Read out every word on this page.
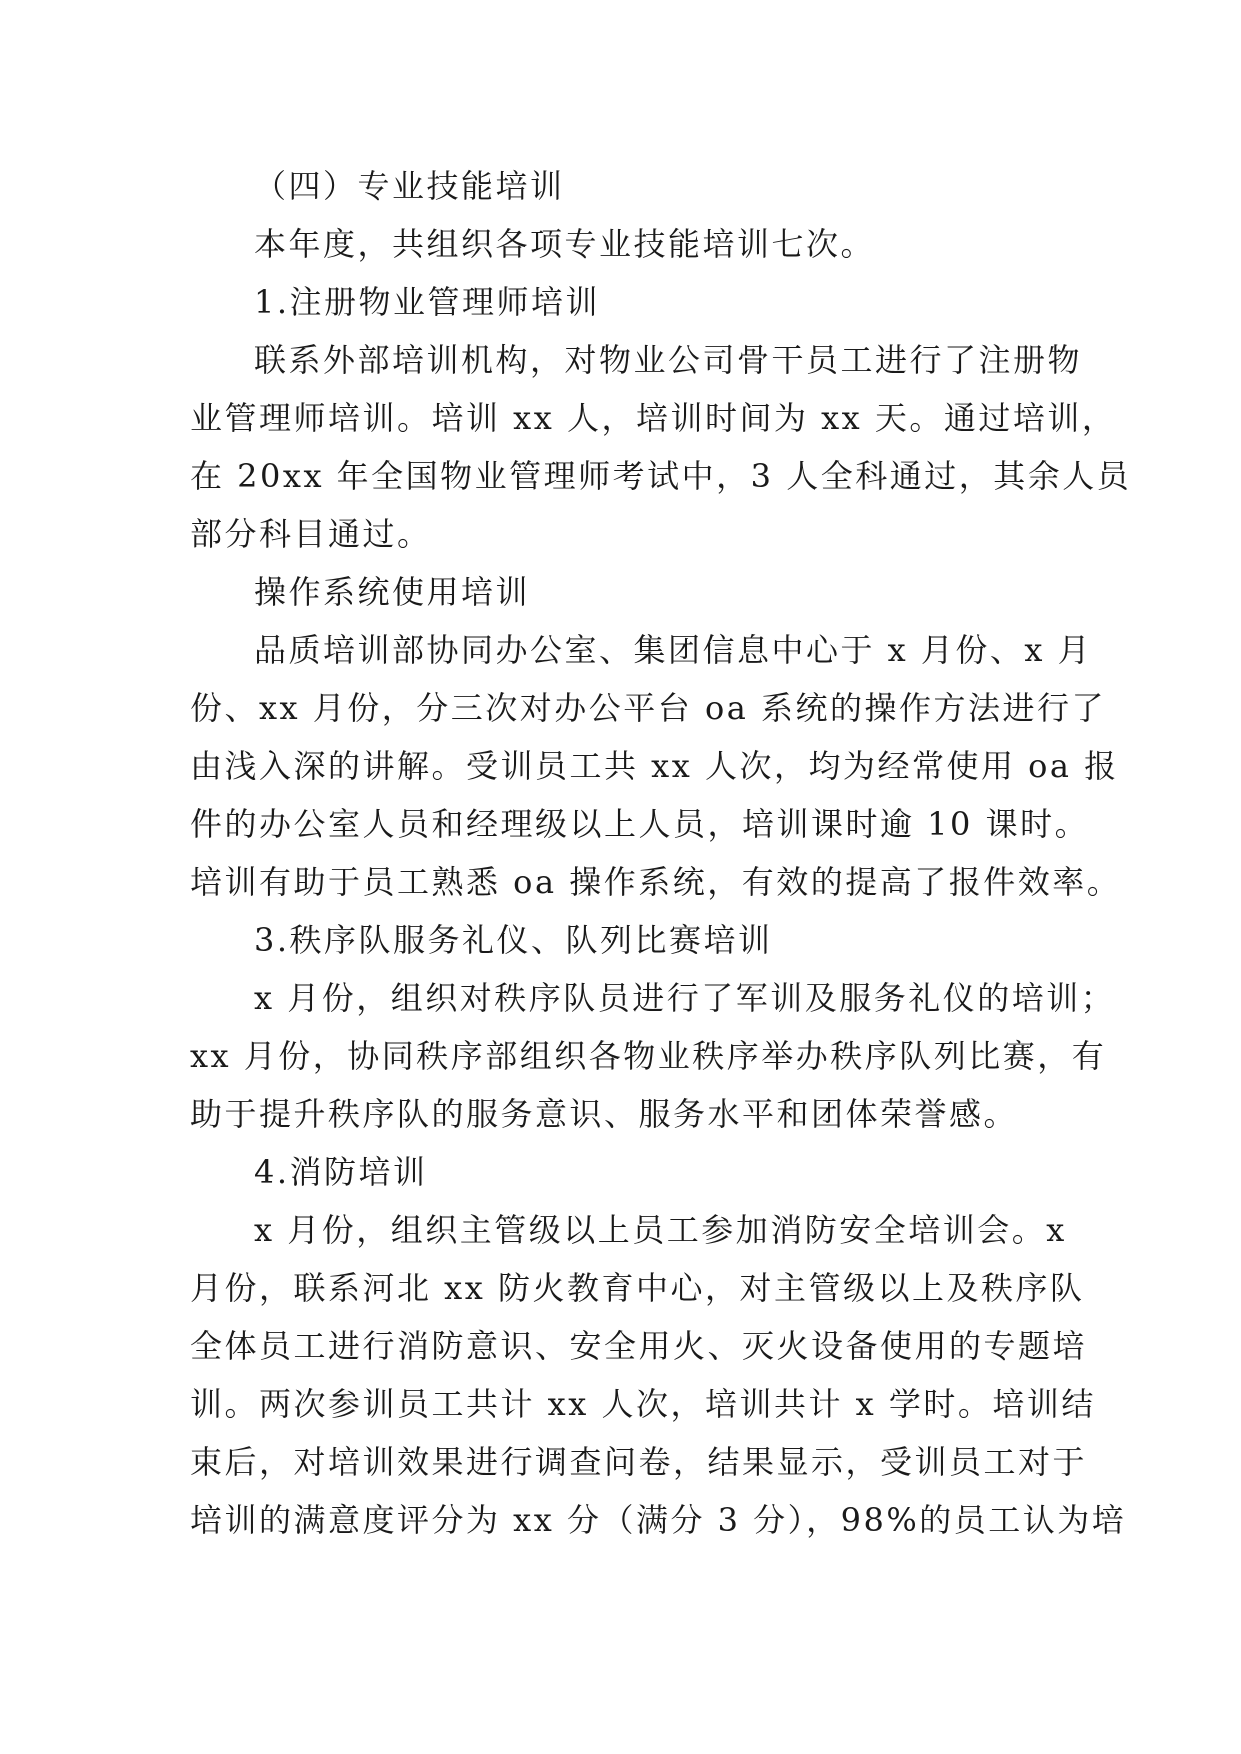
（四）专业技能培训
本年度，共组织各项专业技能培训七次。
1.注册物业管理师培训
联系外部培训机构，对物业公司骨干员工进行了注册物
业管理师培训。培训 xx 人，培训时间为 xx 天。通过培训，
在 20xx 年全国物业管理师考试中，3 人全科通过，其余人员
部分科目通过。
操作系统使用培训
品质培训部协同办公室、集团信息中心于 x 月份、x 月
份、xx 月份，分三次对办公平台 oa 系统的操作方法进行了
由浅入深的讲解。受训员工共 xx 人次，均为经常使用 oa 报
件的办公室人员和经理级以上人员，培训课时逾 10 课时。
培训有助于员工熟悉 oa 操作系统，有效的提高了报件效率。
3.秩序队服务礼仪、队列比赛培训
x 月份，组织对秩序队员进行了军训及服务礼仪的培训；
xx 月份，协同秩序部组织各物业秩序举办秩序队列比赛，有
助于提升秩序队的服务意识、服务水平和团体荣誉感。
4.消防培训
x 月份，组织主管级以上员工参加消防安全培训会。x
月份，联系河北 xx 防火教育中心，对主管级以上及秩序队
全体员工进行消防意识、安全用火、灭火设备使用的专题培
训。两次参训员工共计 xx 人次，培训共计 x 学时。培训结
束后，对培训效果进行调查问卷，结果显示，受训员工对于
培训的满意度评分为 xx 分（满分 3 分），98%的员工认为培
